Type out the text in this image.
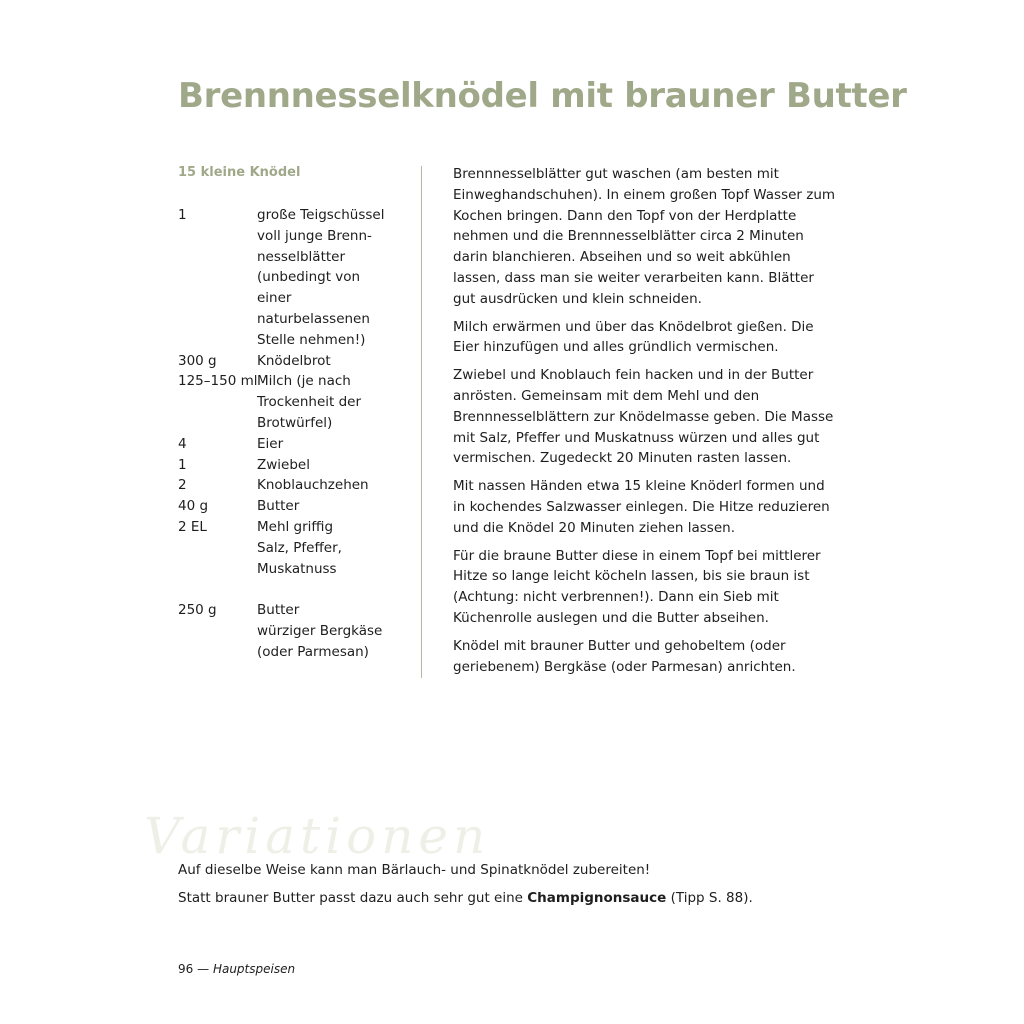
Brennnesselknödel mit brauner Butter
15 kleine Knödel
1	große Teigschüssel voll junge Brennnesselblätter (unbedingt von einer naturbelassenen Stelle nehmen!)
300 g	Knödelbrot
125–150 ml Milch (je nach Trockenheit der Brotwürfel)
4	Eier
1	Zwiebel
2	Knoblauchzehen
40 g	Butter
2 EL	Mehl griffig
Salz, Pfeffer, Muskatnuss
250 g	Butter
würziger Bergkäse (oder Parmesan)

Brennnesselblätter gut waschen (am besten mit Einweghandschuhen). In einem großen Topf Wasser zum Kochen bringen. Dann den Topf von der Herdplatte nehmen und die Brennnesselblätter circa 2 Minuten darin blanchieren. Abseihen und so weit abkühlen lassen, dass man sie weiter verarbeiten kann. Blätter gut ausdrücken und klein schneiden.

Milch erwärmen und über das Knödelbrot gießen. Die Eier hinzufügen und alles gründlich vermischen.

Zwiebel und Knoblauch fein hacken und in der Butter anrösten. Gemeinsam mit dem Mehl und den Brennnesselblättern zur Knödelmasse geben. Die Masse mit Salz, Pfeffer und Muskatnuss würzen und alles gut vermischen. Zugedeckt 20 Minuten rasten lassen.

Mit nassen Händen etwa 15 kleine Knöderl formen und in kochendes Salzwasser einlegen. Die Hitze reduzieren und die Knödel 20 Minuten ziehen lassen.

Für die braune Butter diese in einem Topf bei mittlerer Hitze so lange leicht köcheln lassen, bis sie braun ist (Achtung: nicht verbrennen!). Dann ein Sieb mit Küchenrolle auslegen und die Butter abseihen.

Knödel mit brauner Butter und gehobeltem (oder geriebenem) Bergkäse (oder Parmesan) anrichten.

Variationen

Auf dieselbe Weise kann man Bärlauch- und Spinatknödel zubereiten!

Statt brauner Butter passt dazu auch sehr gut eine Champignonsauce (Tipp S. 88).

96 — Hauptspeisen
